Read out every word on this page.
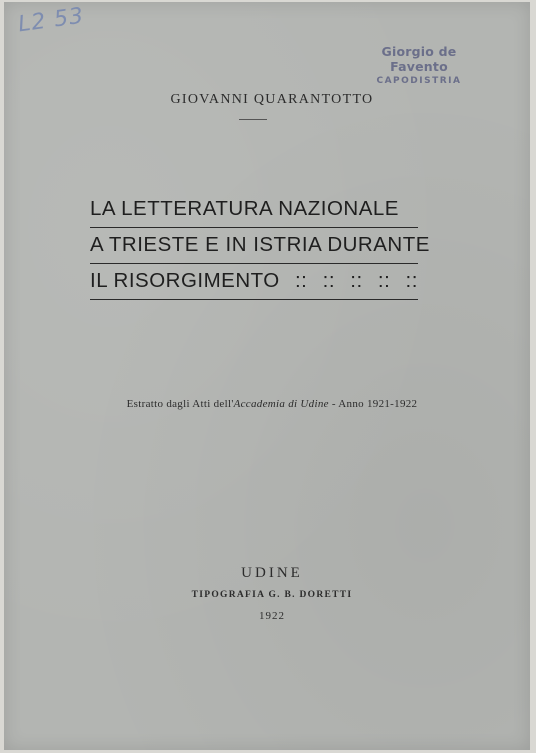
L2 53
Giorgio de Favento
CAPODISTRIA
GIOVANNI QUARANTOTTO
LA LETTERATURA NAZIONALE
A TRIESTE E IN ISTRIA DURANTE
IL RISORGIMENTO :: :: :: :: ::
Estratto dagli Atti dell'Accademia di Udine - Anno 1921-1922
UDINE
TIPOGRAFIA G. B. DORETTI
1922
